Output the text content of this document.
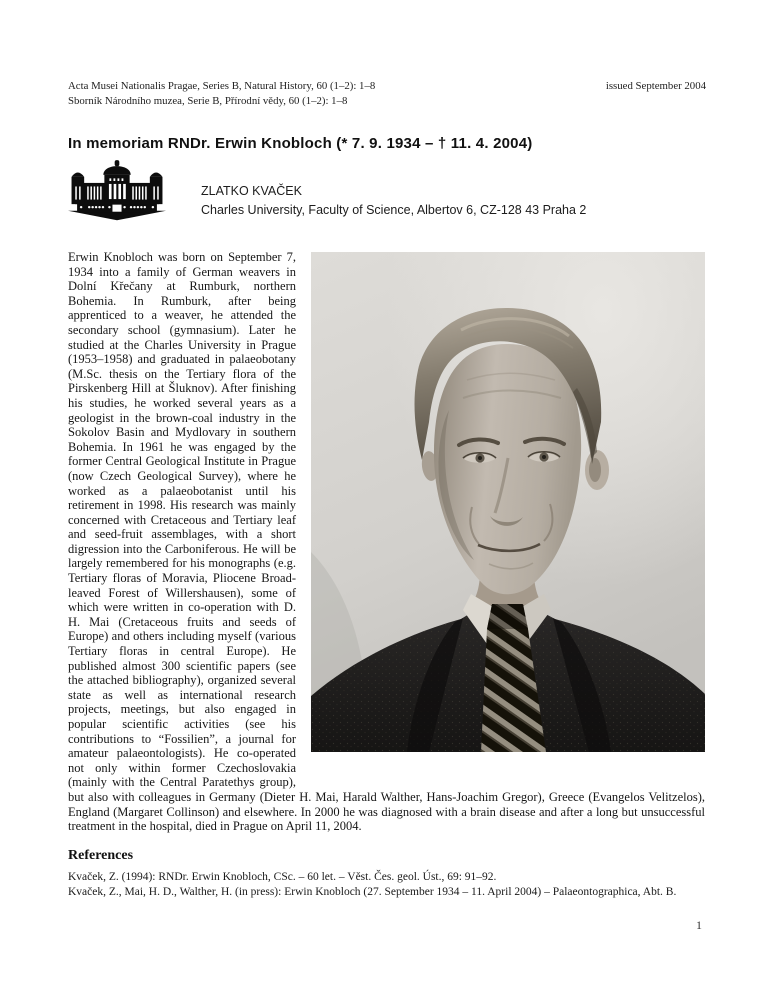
Acta Musei Nationalis Pragae, Series B, Natural History, 60 (1–2): 1–8
Sborník Národního muzea, Serie B, Přírodní vědy, 60 (1–2): 1–8
issued September 2004
In memoriam RNDr. Erwin Knobloch (* 7. 9. 1934 – † 11. 4. 2004)
ZLATKO KVAČEK
Charles University, Faculty of Science, Albertov 6, CZ-128 43 Praha 2

Erwin Knobloch was born on September 7, 1934 into a family of German weavers in Dolní Křečany at Rumburk, northern Bohemia. In Rumburk, after being apprenticed to a weaver, he attended the secondary school (gymnasium). Later he studied at the Charles University in Prague (1953–1958) and graduated in palaeobotany (M.Sc. thesis on the Tertiary flora of the Pirskenberg Hill at Šluknov). After finishing his studies, he worked several years as a geologist in the brown-coal industry in the Sokolov Basin and Mydlovary in southern Bohemia. In 1961 he was engaged by the former Central Geological Institute in Prague (now Czech Geological Survey), where he worked as a palaeobotanist until his retirement in 1998. His research was mainly concerned with Cretaceous and Tertiary leaf and seed-fruit assemblages, with a short digression into the Carboniferous. He will be largely remembered for his monographs (e.g. Tertiary floras of Moravia, Pliocene Broad-leaved Forest of Willershausen), some of which were written in co-operation with D. H. Mai (Cretaceous fruits and seeds of Europe) and others including myself (various Tertiary floras in central Europe). He published almost 300 scientific papers (see the attached bibliography), organized several state as well as international research projects, meetings, but also engaged in popular scientific activities (see his contributions to “Fossilien”, a journal for amateur palaeontologists). He co-operated not only within former Czechoslovakia (mainly with the Central Paratethys group), but also with colleagues in Germany (Dieter H. Mai, Harald Walther, Hans-Joachim Gregor), Greece (Evangelos Velitzelos), England (Margaret Collinson) and elsewhere. In 2000 he was diagnosed with a brain disease and after a long but unsuccessful treatment in the hospital, died in Prague on April 11, 2004.

References
Kvaček, Z. (1994): RNDr. Erwin Knobloch, CSc. – 60 let. – Věst. Čes. geol. Úst., 69: 91–92.
Kvaček, Z., Mai, H. D., Walther, H. (in press): Erwin Knobloch (27. September 1934 – 11. April 2004) – Palaeontographica, Abt. B.
1
